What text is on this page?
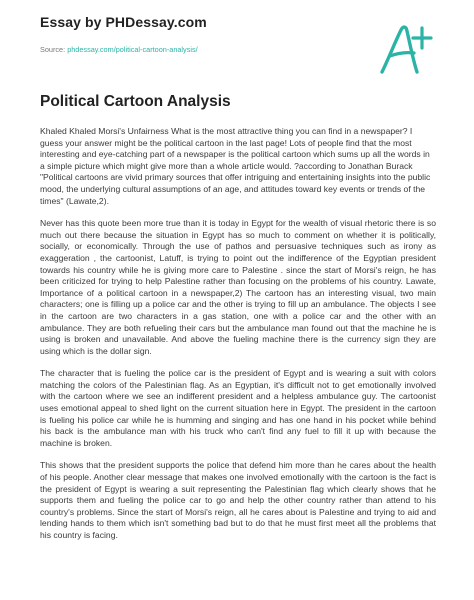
Essay by PHDessay.com
Source: phdessay.com/political-cartoon-analysis/
Political Cartoon Analysis

Khaled Khaled Morsi's Unfairness What is the most attractive thing you can find in a newspaper? I guess your answer might be the political cartoon in the last page! Lots of people find that the most interesting and eye-catching part of a newspaper is the political cartoon which sums up all the words in a simple picture which might give more than a whole article would. ?according to Jonathan Burack "Political cartoons are vivid primary sources that offer intriguing and entertaining insights into the public mood, the underlying cultural assumptions of an age, and attitudes toward key events or trends of the times" (Lawate,2).

Never has this quote been more true than it is today in Egypt for the wealth of visual rhetoric there is so much out there because the situation in Egypt has so much to comment on whether it is politically, socially, or economically. Through the use of pathos and persuasive techniques such as irony as exaggeration , the cartoonist, Latuff, is trying to point out the indifference of the Egyptian president towards his country while he is giving more care to Palestine . since the start of Morsi's reign, he has been criticized for trying to help Palestine rather than focusing on the problems of his country. Lawate, Importance of a political cartoon in a newspaper,2) The cartoon has an interesting visual, two main characters; one is filling up a police car and the other is trying to fill up an ambulance. The objects I see in the cartoon are two characters in a gas station, one with a police car and the other with an ambulance. They are both refueling their cars but the ambulance man found out that the machine he is using is broken and unavailable. And above the fueling machine there is the currency sign they are using which is the dollar sign.

The character that is fueling the police car is the president of Egypt and is wearing a suit with colors matching the colors of the Palestinian flag. As an Egyptian, it's difficult not to get emotionally involved with the cartoon where we see an indifferent president and a helpless ambulance guy. The cartoonist uses emotional appeal to shed light on the current situation here in Egypt. The president in the cartoon is fueling his police car while he is humming and singing and has one hand in his pocket while behind his back is the ambulance man with his truck who can't find any fuel to fill it up with because the machine is broken.

This shows that the president supports the police that defend him more than he cares about the health of his people. Another clear message that makes one involved emotionally with the cartoon is the fact is the president of Egypt is wearing a suit representing the Palestinian flag which clearly shows that he supports them and fueling the police car to go and help the other country rather than attend to his country's problems. Since the start of Morsi's reign, all he cares about is Palestine and trying to aid and lending hands to them which isn't something bad but to do that he must first meet all the problems that his country is facing.
